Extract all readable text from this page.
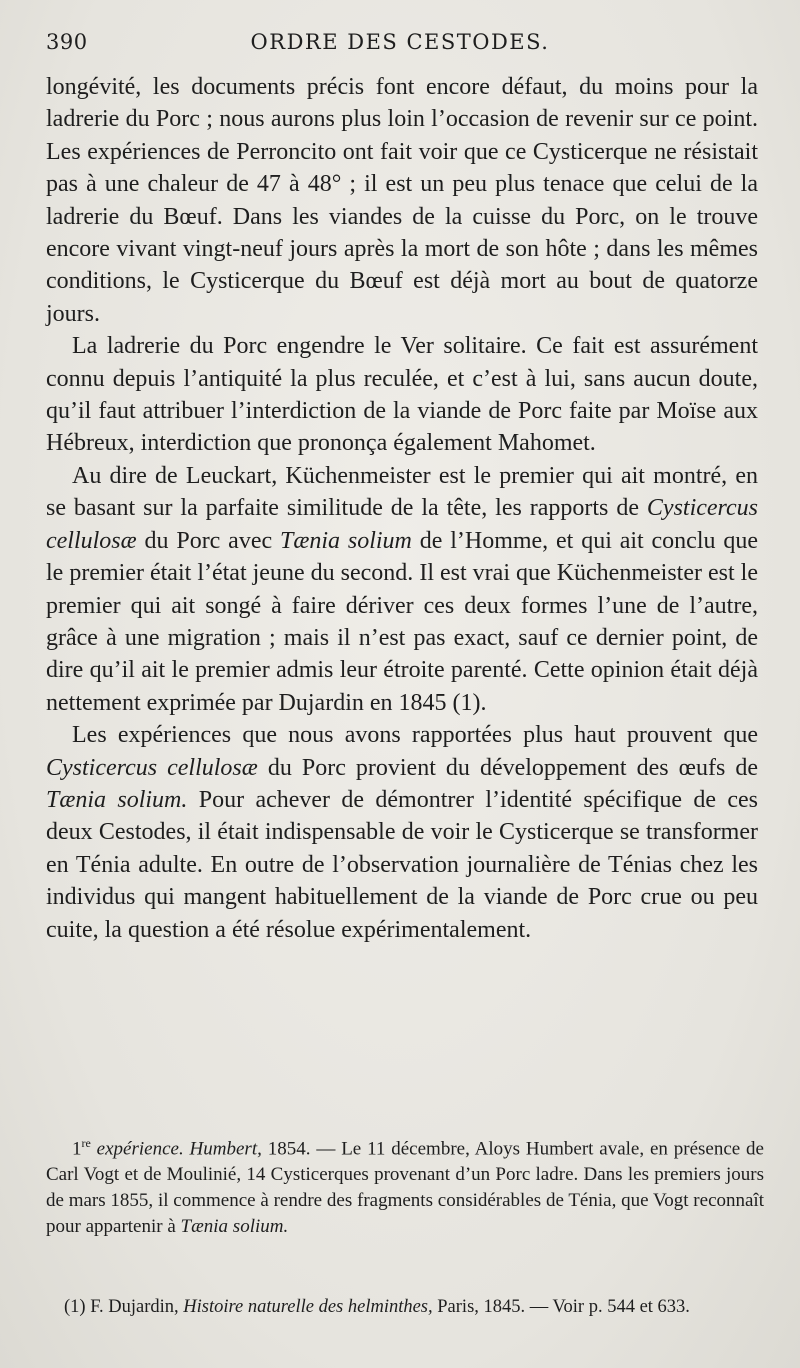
390	ORDRE DES CESTODES.

longévité, les documents précis font encore défaut, du moins pour la ladrerie du Porc ; nous aurons plus loin l’occasion de revenir sur ce point. Les expériences de Perroncito ont fait voir que ce Cysticerque ne résistait pas à une chaleur de 47 à 48° ; il est un peu plus tenace que celui de la ladrerie du Bœuf. Dans les viandes de la cuisse du Porc, on le trouve encore vivant vingt-neuf jours après la mort de son hôte ; dans les mêmes conditions, le Cysticerque du Bœuf est déjà mort au bout de quatorze jours.

La ladrerie du Porc engendre le Ver solitaire. Ce fait est assurément connu depuis l’antiquité la plus reculée, et c’est à lui, sans aucun doute, qu’il faut attribuer l’interdiction de la viande de Porc faite par Moïse aux Hébreux, interdiction que prononça également Mahomet.

Au dire de Leuckart, Küchenmeister est le premier qui ait montré, en se basant sur la parfaite similitude de la tête, les rapports de Cysticercus cellulosæ du Porc avec Tænia solium de l’Homme, et qui ait conclu que le premier était l’état jeune du second. Il est vrai que Küchenmeister est le premier qui ait songé à faire dériver ces deux formes l’une de l’autre, grâce à une migration ; mais il n’est pas exact, sauf ce dernier point, de dire qu’il ait le premier admis leur étroite parenté. Cette opinion était déjà nettement exprimée par Dujardin en 1845 (1).

Les expériences que nous avons rapportées plus haut prouvent que Cysticercus cellulosæ du Porc provient du développement des œufs de Tænia solium. Pour achever de démontrer l’identité spécifique de ces deux Cestodes, il était indispensable de voir le Cysticerque se transformer en Ténia adulte. En outre de l’observation journalière de Ténias chez les individus qui mangent habituellement de la viande de Porc crue ou peu cuite, la question a été résolue expérimentalement.

1re expérience. Humbert, 1854. — Le 11 décembre, Aloys Humbert avale, en présence de Carl Vogt et de Moulinié, 14 Cysticerques provenant d’un Porc ladre. Dans les premiers jours de mars 1855, il commence à rendre des fragments considérables de Ténia, que Vogt reconnaît pour appartenir à Tænia solium.

(1) F. Dujardin, Histoire naturelle des helminthes, Paris, 1845. — Voir p. 544 et 633.
